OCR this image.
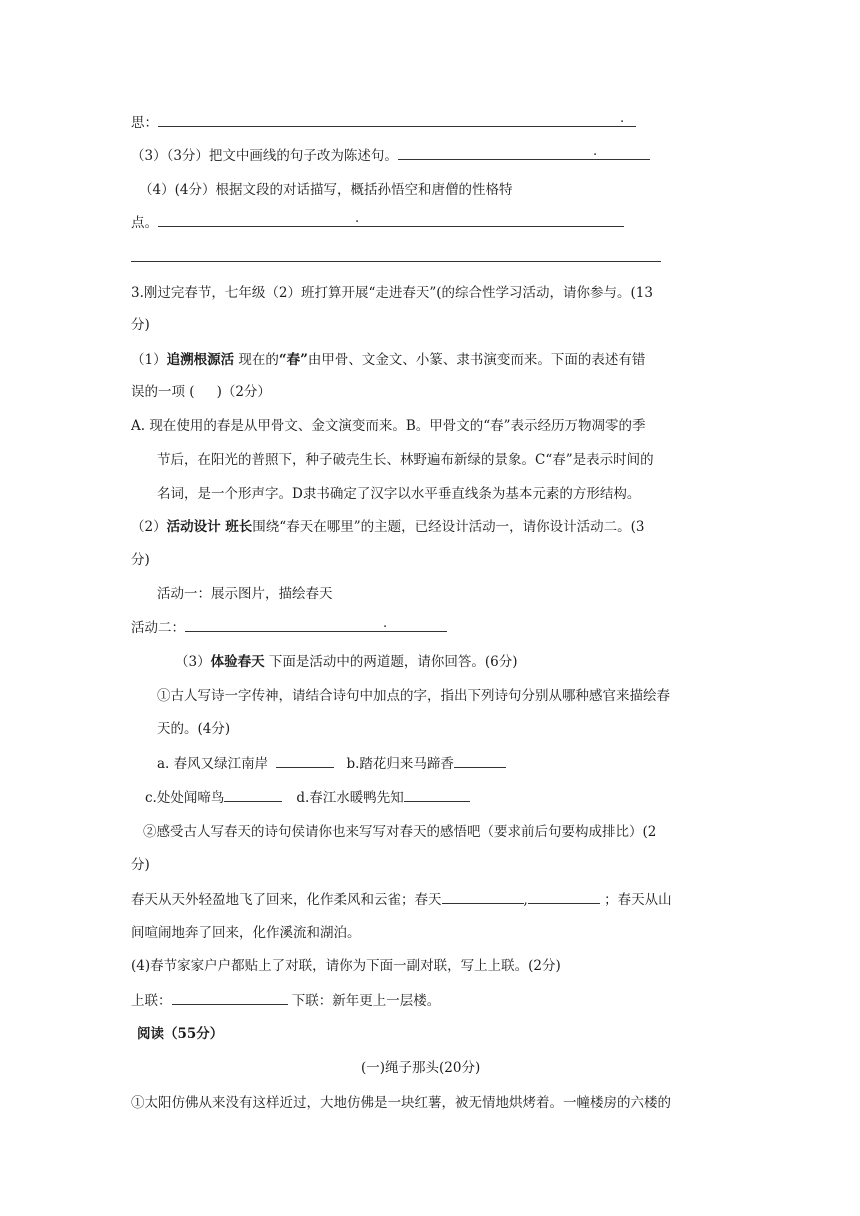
思：	.
（3）（3分）把文中画线的句子改为陈述句。	.
（4）(4分）根据文段的对话描写，概括孙悟空和唐僧的性格特
点。	.
3.刚过完春节，七年级（2）班打算开展“走进春天”(的综合性学习活动，请你参与。(13
分)
（1）追溯根源活 现在的“春”由甲骨、文金文、小篆、隶书演变而来。下面的表述有错
误的一项 ( )（2分）
A. 现在使用的春是从甲骨文、金文演变而来。B。甲骨文的“春”表示经历万物凋零的季
节后，在阳光的普照下，种子破壳生长、林野遍布新绿的景象。C“春”是表示时间的
名词，是一个形声字。D隶书确定了汉字以水平垂直线条为基本元素的方形结构。
（2）活动设计 班长围绕“春天在哪里”的主题，已经设计活动一，请你设计活动二。(3
分)
活动一：展示图片，描绘春天
活动二：	.
（3）体验春天 下面是活动中的两道题，请你回答。(6分)
①古人写诗一字传神，请结合诗句中加点的字，指出下列诗句分别从哪种感官来描绘春
天的。(4分)
a. 春风又绿江南岸	b.踏花归来马蹄香
c.处处闻啼鸟	d.春江水暖鸭先知
②感受古人写春天的诗句侯请你也来写写对春天的感悟吧（要求前后句要构成排比）(2
分)
春天从天外轻盈地飞了回来，化作柔风和云雀；春天	,	；春天从山
间喧闹地奔了回来，化作溪流和湖泊。
(4)春节家家户户都贴上了对联，请你为下面一副对联，写上上联。(2分)
上联：	下联：新年更上一层楼。
阅读（55分）
(一)绳子那头(20分)
①太阳仿佛从来没有这样近过，大地仿佛是一块红薯，被无情地烘烤着。一幢楼房的六楼的
